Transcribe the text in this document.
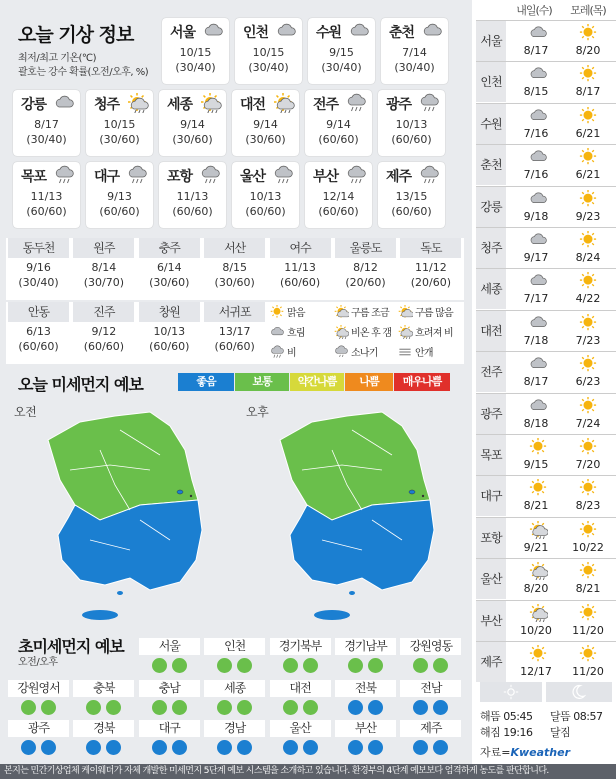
오늘 기상 정보
최저/최고 기온(℃)
괄호는 강수 확률(오전/오후, %)
서울
10/15
(30/40)
인천
10/15
(30/40)
수원
9/15
(30/40)
춘천
7/14
(30/40)
강릉
8/17
(30/40)
청주
10/15
(30/60)
세종
9/14
(30/60)
대전
9/14
(30/60)
전주
9/14
(60/60)
광주
10/13
(60/60)
목포
11/13
(60/60)
대구
9/13
(60/60)
포항
11/13
(60/60)
울산
10/13
(60/60)
부산
12/14
(60/60)
제주
13/15
(60/60)
동두천
9/16
(30/40)
원주
8/14
(30/70)
충주
6/14
(30/60)
서산
8/15
(30/60)
여수
11/13
(60/60)
울릉도
8/12
(20/60)
독도
11/12
(20/60)
안동
6/13
(60/60)
진주
9/12
(60/60)
창원
10/13
(60/60)
서귀포
13/17
(60/60)
맑음	구름 조금	구름 많음
흐림	비온 후 갬 흐려져 비
비	소나기	안개
오늘 미세먼지 예보	좋음	보통	약간나쁨	나쁨	매우나쁨
오전	오후
초미세먼지 예보
오전/오후
서울	인천	경기북부	경기남부	강원영동
강원영서	충북	충남	세종	대전	전북	전남
광주	경북	대구	경남	울산	부산	제주
내일(수)	모레(목)
서울
8/17	8/20
인천
8/15	8/17
수원
7/16	6/21
춘천
7/16	6/21
강릉
9/18	9/23
청주
9/17	8/24
세종
7/17	4/22
대전
7/18	7/23
전주
8/17	6/23
광주
8/18	7/24
목포
9/15	7/20
대구
8/21	8/23
포항
9/21	10/22
울산
8/20	8/21
부산
10/20	11/20
제주
12/17	11/20
해뜸 05:45 달뜸 08:57
해짐 19:16 달짐
자료=Kweather
본지는 민간기상업체 케이웨더가 자체 개발한 미세먼지 5단계 예보 시스템을 소개하고 있습니다. 환경부의 4단계 예보보다 엄격하게 농도를 판단합니다.
